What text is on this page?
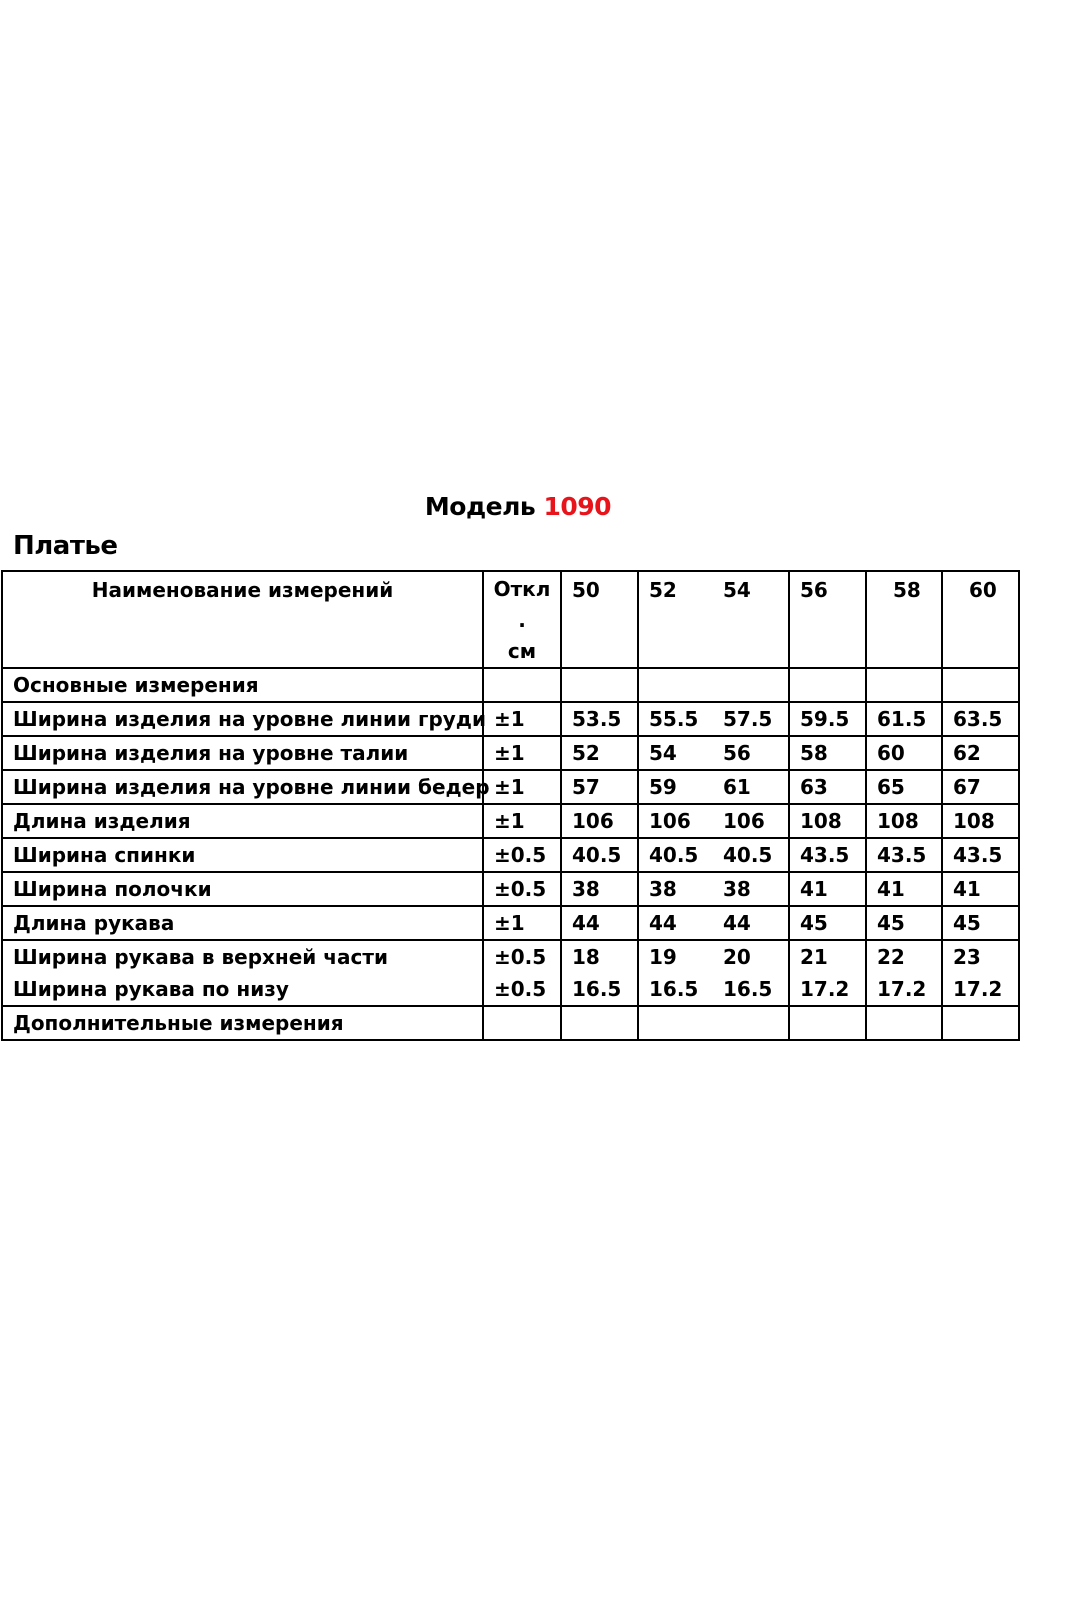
Модель 1090
Платье
Наименование измерений	Откл
.
см	50	52	54	56	58	60
Основные измерения							
Ширина изделия на уровне линии груди	±1	53.5	55.5	57.5	59.5	61.5	63.5
Ширина изделия на уровне талии	±1	52	54	56	58	60	62
Ширина изделия на уровне линии бедер	±1	57	59	61	63	65	67
Длина изделия	±1	106	106	106	108	108	108
Ширина спинки	±0.5	40.5	40.5	40.5	43.5	43.5	43.5
Ширина полочки	±0.5	38	38	38	41	41	41
Длина рукава	±1	44	44	44	45	45	45
Ширина рукава в верхней части	±0.5	18	19	20	21	22	23
Ширина рукава по низу	±0.5	16.5	16.5	16.5	17.2	17.2	17.2
Дополнительные измерения							
